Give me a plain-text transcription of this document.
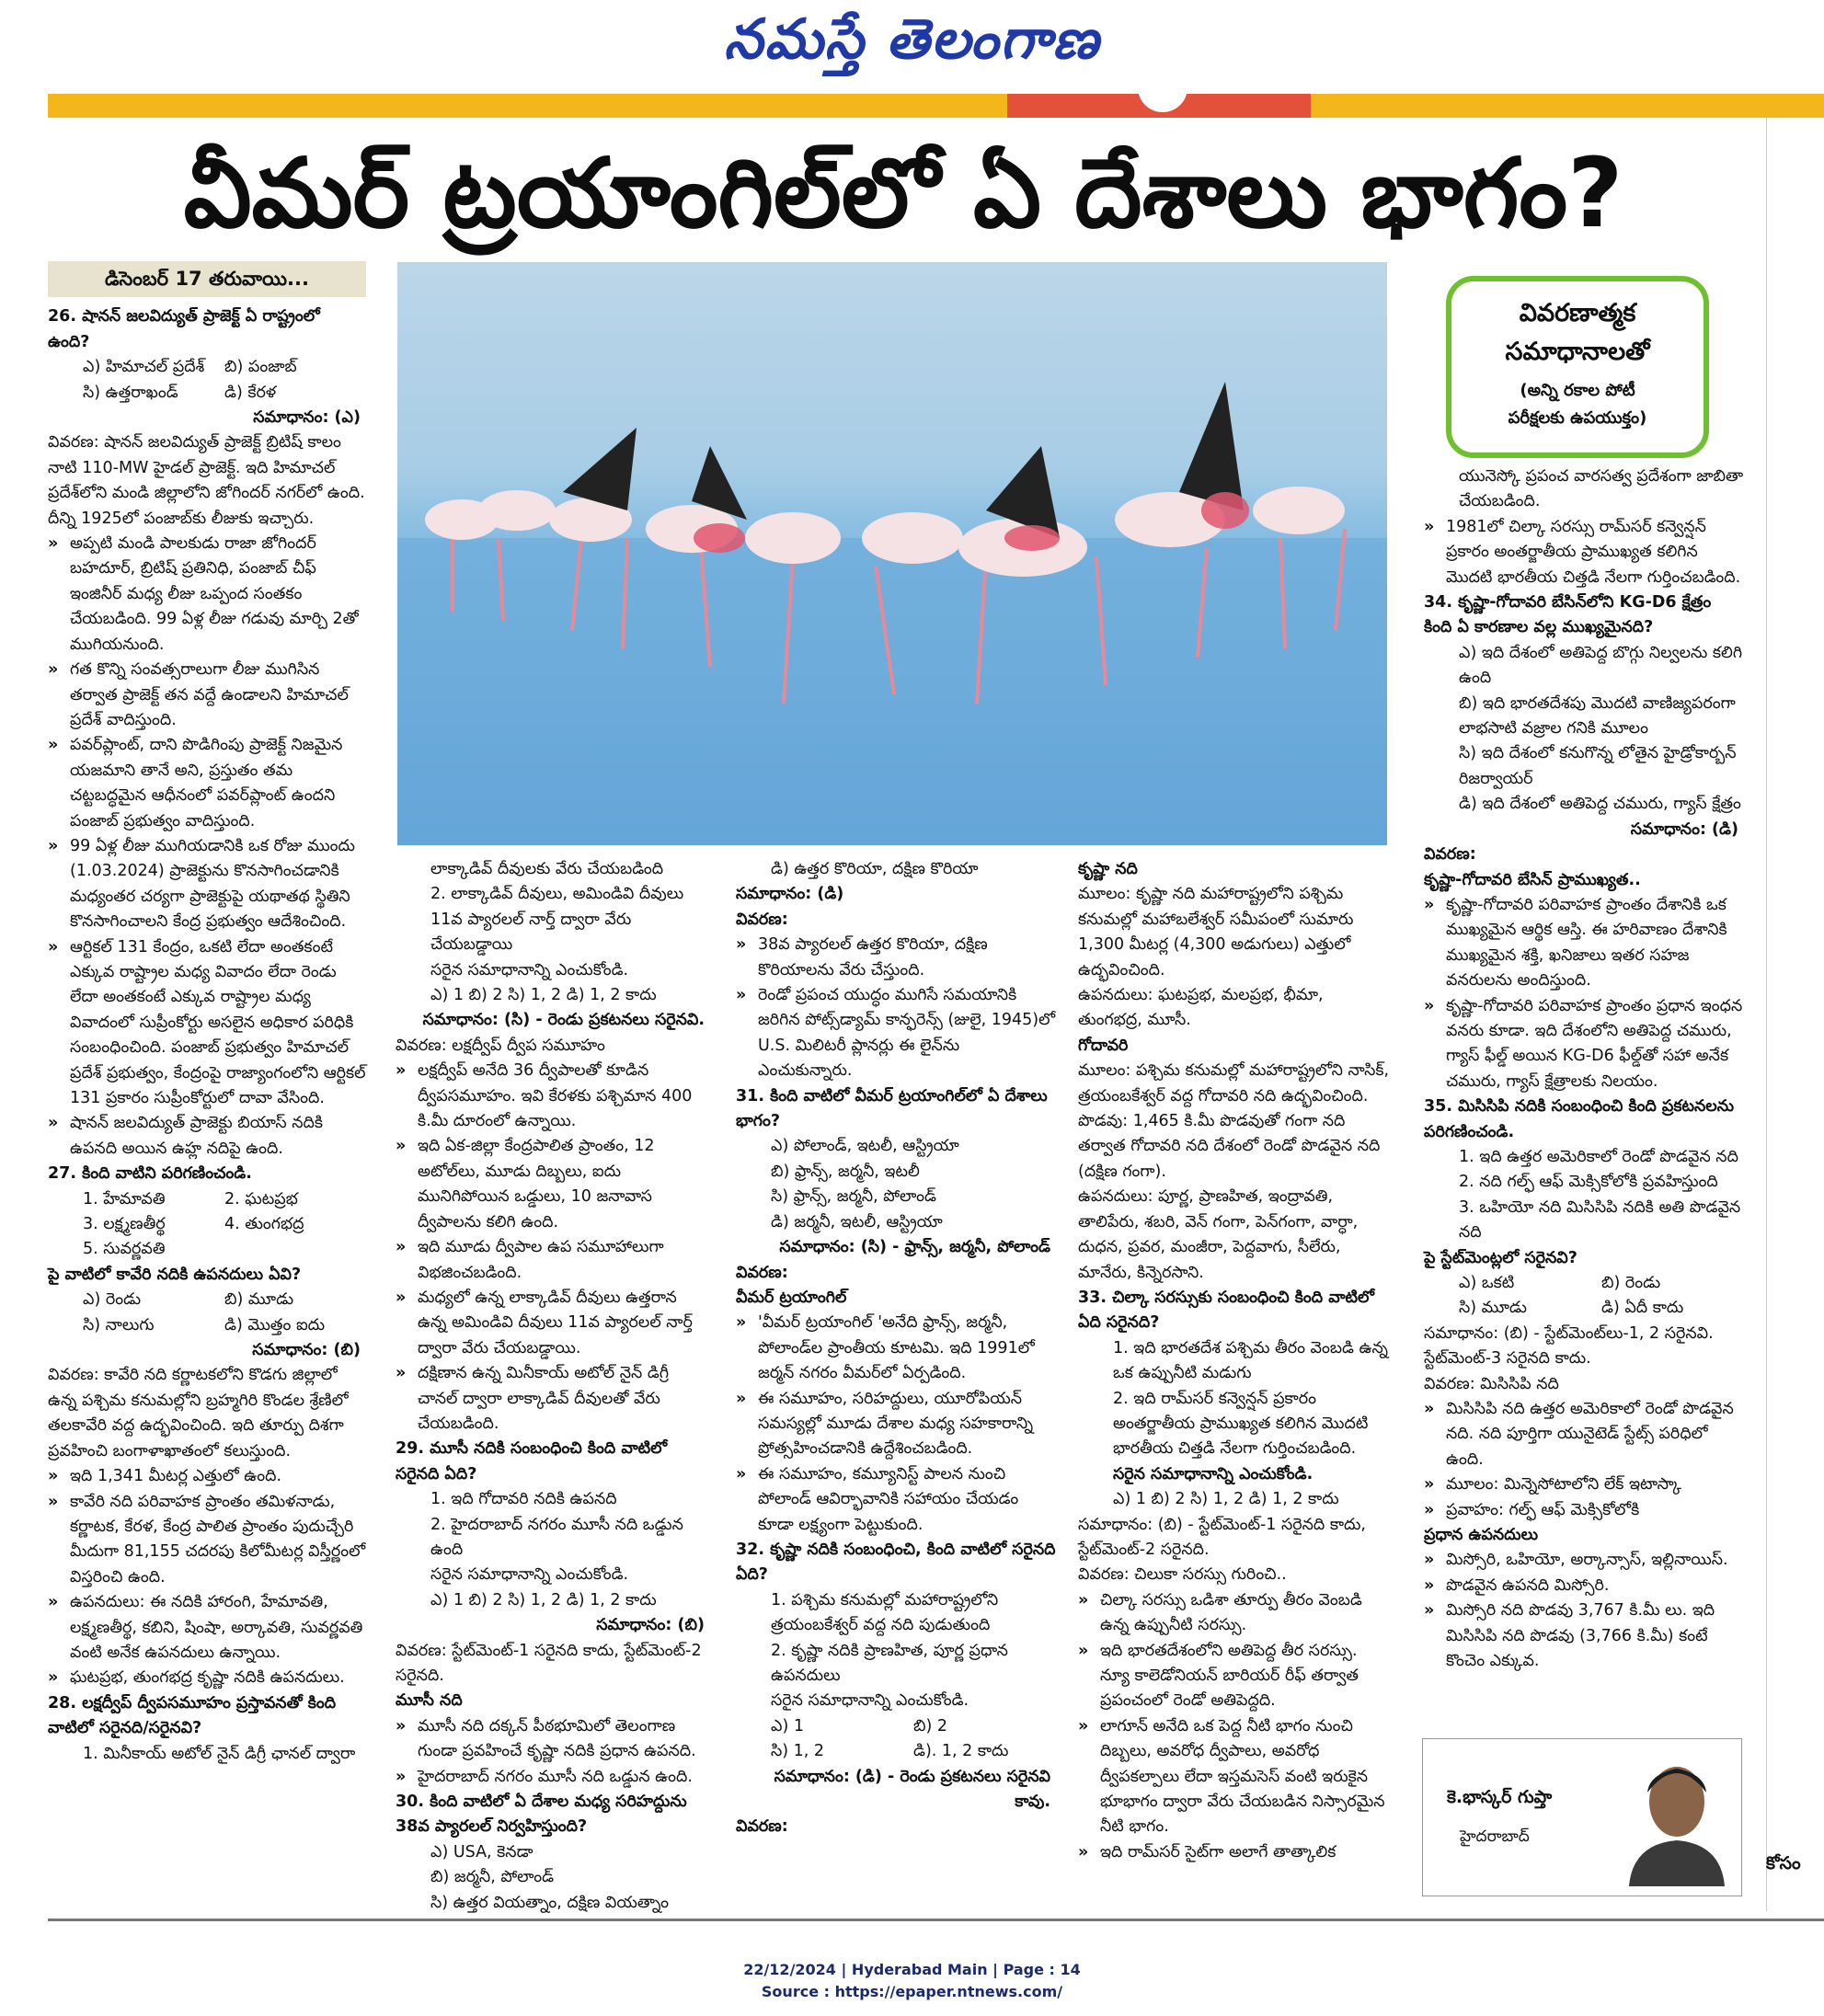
నమస్తే తెలంగాణ
వీమర్ ట్రయాంగిల్‌లో ఏ దేశాలు భాగం?
డిసెంబర్ 17 తరువాయి...

26. షానన్ జలవిద్యుత్ ప్రాజెక్ట్ ఏ రాష్ట్రంలో ఉంది?

ఎ) హిమాచల్ ప్రదేశ్	బి) పంజాబ్
సి) ఉత్తరాఖండ్	డి) కేరళ

సమాధానం: (ఎ)

వివరణ: షానన్ జలవిద్యుత్ ప్రాజెక్ట్ బ్రిటిష్ కాలం నాటి 110-MW హైడల్ ప్రాజెక్ట్. ఇది హిమాచల్ ప్రదేశ్‌లోని మండి జిల్లాలోని జోగిందర్ నగర్‌లో ఉంది. దీన్ని 1925లో పంజాబ్‌కు లీజుకు ఇచ్చారు.

» అప్పటి మండి పాలకుడు రాజా జోగిందర్ బహదూర్, బ్రిటిష్ ప్రతినిధి, పంజాబ్ చీఫ్ ఇంజినీర్ మధ్య లీజు ఒప్పంద సంతకం చేయబడింది. 99 ఏళ్ల లీజు గడువు మార్చి 2తో ముగియనుంది.

» గత కొన్ని సంవత్సరాలుగా లీజు ముగిసిన తర్వాత ప్రాజెక్ట్ తన వద్దే ఉండాలని హిమాచల్ ప్రదేశ్ వాదిస్తుంది.

» పవర్‌ప్లాంట్, దాని పొడిగింపు ప్రాజెక్ట్ నిజమైన యజమాని తానే అని, ప్రస్తుతం తమ చట్టబద్ధమైన ఆధీనంలో పవర్‌ప్లాంట్ ఉందని పంజాబ్ ప్రభుత్వం వాదిస్తుంది.

» 99 ఏళ్ల లీజు ముగియడానికి ఒక రోజు ముందు (1.03.2024) ప్రాజెక్టును కొనసాగించడానికి మధ్యంతర చర్యగా ప్రాజెక్టుపై యథాతథ స్థితిని కొనసాగించాలని కేంద్ర ప్రభుత్వం ఆదేశించింది.

» ఆర్టికల్ 131 కేంద్రం, ఒకటి లేదా అంతకంటే ఎక్కువ రాష్ట్రాల మధ్య వివాదం లేదా రెండు లేదా అంతకంటే ఎక్కువ రాష్ట్రాల మధ్య వివాదంలో సుప్రీంకోర్టు అసలైన అధికార పరిధికి సంబంధించింది. పంజాబ్ ప్రభుత్వం హిమాచల్ ప్రదేశ్ ప్రభుత్వం, కేంద్రంపై రాజ్యాంగంలోని ఆర్టికల్ 131 ప్రకారం సుప్రీంకోర్టులో దావా వేసింది.

» షానన్ జలవిద్యుత్ ప్రాజెక్టు బియాస్ నదికి ఉపనది అయిన ఉహ్ల నదిపై ఉంది.

27. కింది వాటిని పరిగణించండి.

1. హేమావతి	2. ఘటప్రభ
3. లక్ష్మణతీర్థ	4. తుంగభద్ర
5. సువర్ణవతి

పై వాటిలో కావేరి నదికి ఉపనదులు ఏవి?

ఎ) రెండు	బి) మూడు
సి) నాలుగు	డి) మొత్తం ఐదు

సమాధానం: (బి)

వివరణ: కావేరి నది కర్ణాటకలోని కొడగు జిల్లాలో ఉన్న పశ్చిమ కనుమల్లోని బ్రహ్మగిరి కొండల శ్రేణిలో తలకావేరి వద్ద ఉద్భవించింది. ఇది తూర్పు దిశగా ప్రవహించి బంగాళాఖాతంలో కలుస్తుంది.

» ఇది 1,341 మీటర్ల ఎత్తులో ఉంది.

» కావేరి నది పరివాహక ప్రాంతం తమిళనాడు, కర్ణాటక, కేరళ, కేంద్ర పాలిత ప్రాంతం పుదుచ్చేరి మీదుగా 81,155 చదరపు కిలోమీటర్ల విస్తీర్ణంలో విస్తరించి ఉంది.

» ఉపనదులు: ఈ నదికి హారంగి, హేమావతి, లక్ష్మణతీర్థ, కబిని, షింషా, అర్కావతి, సువర్ణవతి వంటి అనేక ఉపనదులు ఉన్నాయి.

» ఘటప్రభ, తుంగభద్ర కృష్ణా నదికి ఉపనదులు.

28. లక్షద్వీప్ ద్వీపసమూహం ప్రస్తావనతో కింది వాటిలో సరైనది/సరైనవి?

1. మినీకాయ్ అటోల్ నైన్ డిగ్రీ ఛానల్ ద్వారా

వివరణాత్మక
సమాధానాలతో
(అన్ని రకాల పోటీ
పరీక్షలకు ఉపయుక్తం)

లాక్కాడివ్ దీవులకు వేరు చేయబడింది

2. లాక్కాడివ్ దీవులు, అమిండివి దీవులు 11వ ప్యారలల్ నార్త్ ద్వారా వేరు చేయబడ్డాయి

సరైన సమాధానాన్ని ఎంచుకోండి.

ఎ) 1 బి) 2 సి) 1, 2 డి) 1, 2 కాదు

సమాధానం: (సి) - రెండు ప్రకటనలు సరైనవి.

వివరణ: లక్షద్వీప్ ద్వీప సమూహం

» లక్షద్వీప్ అనేది 36 ద్వీపాలతో కూడిన ద్వీపసమూహం. ఇవి కేరళకు పశ్చిమాన 400 కి.మీ దూరంలో ఉన్నాయి.

» ఇది ఏక-జిల్లా కేంద్రపాలిత ప్రాంతం, 12 అటోల్‌లు, మూడు దిబ్బలు, ఐదు మునిగిపోయిన ఒడ్డులు, 10 జనావాస ద్వీపాలను కలిగి ఉంది.

» ఇది మూడు ద్వీపాల ఉప సమూహాలుగా విభజించబడింది.

» మధ్యలో ఉన్న లాక్కాడివ్ దీవులు ఉత్తరాన ఉన్న అమిండివి దీవులు 11వ ప్యారలల్ నార్త్ ద్వారా వేరు చేయబడ్డాయి.

» దక్షిణాన ఉన్న మినీకాయ్ అటోల్ నైన్ డిగ్రీ చానల్ ద్వారా లాక్కాడివ్ దీవులతో వేరు చేయబడింది.

29. మూసీ నదికి సంబంధించి కింది వాటిలో సరైనది ఏది?

1. ఇది గోదావరి నదికి ఉపనది

2. హైదరాబాద్ నగరం మూసీ నది ఒడ్డున ఉంది

సరైన సమాధానాన్ని ఎంచుకోండి.

ఎ) 1 బి) 2 సి) 1, 2 డి) 1, 2 కాదు

సమాధానం: (బి)

వివరణ: స్టేట్‌మెంట్-1 సరైనది కాదు, స్టేట్‌మెంట్-2 సరైనది.

మూసీ నది

» మూసీ నది దక్కన్ పీఠభూమిలో తెలంగాణ గుండా ప్రవహించే కృష్ణా నదికి ప్రధాన ఉపనది.

» హైదరాబాద్ నగరం మూసీ నది ఒడ్డున ఉంది.

30. కింది వాటిలో ఏ దేశాల మధ్య సరిహద్దును 38వ ప్యారలల్ నిర్వహిస్తుంది?

ఎ) USA, కెనడా

బి) జర్మనీ, పోలాండ్

సి) ఉత్తర వియత్నాం, దక్షిణ వియత్నాం

డి) ఉత్తర కొరియా, దక్షిణ కొరియా

సమాధానం: (డి)

వివరణ:

» 38వ ప్యారలల్ ఉత్తర కొరియా, దక్షిణ కొరియాలను వేరు చేస్తుంది.

» రెండో ప్రపంచ యుద్ధం ముగిసే సమయానికి జరిగిన పోట్స్‌డ్యామ్ కాన్ఫరెన్స్ (జులై, 1945)లో U.S. మిలిటరీ ప్లానర్లు ఈ లైన్‌ను ఎంచుకున్నారు.

31. కింది వాటిలో వీమర్ ట్రయాంగిల్‌లో ఏ దేశాలు భాగం?

ఎ) పోలాండ్, ఇటలీ, ఆస్ట్రియా

బి) ఫ్రాన్స్, జర్మనీ, ఇటలీ

సి) ఫ్రాన్స్, జర్మనీ, పోలాండ్

డి) జర్మనీ, ఇటలీ, ఆస్ట్రియా

సమాధానం: (సి) - ఫ్రాన్స్, జర్మనీ, పోలాండ్

వివరణ:

వీమర్ ట్రయాంగిల్

» 'వీమర్ ట్రయాంగిల్ 'అనేది ఫ్రాన్స్, జర్మనీ, పోలాండ్‌ల ప్రాంతీయ కూటమి. ఇది 1991లో జర్మన్ నగరం వీమర్‌లో ఏర్పడింది.

» ఈ సమూహం, సరిహద్దులు, యూరోపియన్ సమస్యల్లో మూడు దేశాల మధ్య సహకారాన్ని ప్రోత్సహించడానికి ఉద్దేశించబడింది.

» ఈ సమూహం, కమ్యూనిస్ట్ పాలన నుంచి పోలాండ్ ఆవిర్భావానికి సహాయం చేయడం కూడా లక్ష్యంగా పెట్టుకుంది.

32. కృష్ణా నదికి సంబంధించి, కింది వాటిలో సరైనది ఏది?

1. పశ్చిమ కనుమల్లో మహారాష్ట్రలోని త్రయంబకేశ్వర్ వద్ద నది పుడుతుంది

2. కృష్ణా నదికి ప్రాణహిత, పూర్ణ ప్రధాన ఉపనదులు

సరైన సమాధానాన్ని ఎంచుకోండి.

ఎ) 1	బి) 2
సి) 1, 2	డి). 1, 2 కాదు

సమాధానం: (డి) - రెండు ప్రకటనలు సరైనవి కావు.

వివరణ:

కృష్ణా నది

మూలం: కృష్ణా నది మహారాష్ట్రలోని పశ్చిమ కనుమల్లో మహాబలేశ్వర్ సమీపంలో సుమారు 1,300 మీటర్ల (4,300 అడుగులు) ఎత్తులో ఉద్భవించింది.

ఉపనదులు: ఘటప్రభ, మలప్రభ, భీమా, తుంగభద్ర, మూసీ.

గోదావరి

మూలం: పశ్చిమ కనుమల్లో మహారాష్ట్రలోని నాసిక్, త్రయంబకేశ్వర్ వద్ద గోదావరి నది ఉద్భవించింది.

పొడవు: 1,465 కి.మీ పొడవుతో గంగా నది తర్వాత గోదావరి నది దేశంలో రెండో పొడవైన నది (దక్షిణ గంగా).

ఉపనదులు: పూర్ణ, ప్రాణహిత, ఇంద్రావతి, తాలిపేరు, శబరి, వెన్ గంగా, పెన్‌గంగా, వార్ధా, దుధన, ప్రవర, మంజీరా, పెద్దవాగు, సీలేరు, మానేరు, కిన్నెరసాని.

33. చిల్కా సరస్సుకు సంబంధించి కింది వాటిలో ఏది సరైనది?

1. ఇది భారతదేశ పశ్చిమ తీరం వెంబడి ఉన్న ఒక ఉప్పునీటి మడుగు

2. ఇది రామ్‌సర్ కన్వెన్షన్ ప్రకారం అంతర్జాతీయ ప్రాముఖ్యత కలిగిన మొదటి భారతీయ చిత్తడి నేలగా గుర్తించబడింది.

సరైన సమాధానాన్ని ఎంచుకోండి.

ఎ) 1 బి) 2 సి) 1, 2 డి) 1, 2 కాదు

సమాధానం: (బి) - స్టేట్‌మెంట్-1 సరైనది కాదు, స్టేట్‌మెంట్-2 సరైనది.

వివరణ: చిలుకా సరస్సు గురించి..

» చిల్కా సరస్సు ఒడిశా తూర్పు తీరం వెంబడి ఉన్న ఉప్పునీటి సరస్సు.

» ఇది భారతదేశంలోని అతిపెద్ద తీర సరస్సు. న్యూ కాలెడోనియన్ బారియర్ రీఫ్ తర్వాత ప్రపంచంలో రెండో అతిపెద్దది.

» లాగూన్ అనేది ఒక పెద్ద నీటి భాగం నుంచి దిబ్బలు, అవరోధ ద్వీపాలు, అవరోధ ద్వీపకల్పాలు లేదా ఇస్తమసెస్ వంటి ఇరుకైన భూభాగం ద్వారా వేరు చేయబడిన నిస్సారమైన నీటి భాగం.

» ఇది రామ్‌సర్ సైట్‌గా అలాగే తాత్కాలిక

యునెస్కో ప్రపంచ వారసత్వ ప్రదేశంగా జాబితా చేయబడింది.

» 1981లో చిల్కా సరస్సు రామ్‌సర్ కన్వెన్షన్ ప్రకారం అంతర్జాతీయ ప్రాముఖ్యత కలిగిన మొదటి భారతీయ చిత్తడి నేలగా గుర్తించబడింది.

34. కృష్ణా-గోదావరి బేసిన్‌లోని KG-D6 క్షేత్రం కింది ఏ కారణాల వల్ల ముఖ్యమైనది?

ఎ) ఇది దేశంలో అతిపెద్ద బొగ్గు నిల్వలను కలిగి ఉంది

బి) ఇది భారతదేశపు మొదటి వాణిజ్యపరంగా లాభసాటి వజ్రాల గనికి మూలం

సి) ఇది దేశంలో కనుగొన్న లోతైన హైడ్రోకార్బన్ రిజర్వాయర్

డి) ఇది దేశంలో అతిపెద్ద చమురు, గ్యాస్ క్షేత్రం

సమాధానం: (డి)

వివరణ:

కృష్ణా-గోదావరి బేసిన్ ప్రాముఖ్యత..

» కృష్ణా-గోదావరి పరివాహక ప్రాంతం దేశానికి ఒక ముఖ్యమైన ఆర్థిక ఆస్తి. ఈ హరివాణం దేశానికి ముఖ్యమైన శక్తి, ఖనిజాలు ఇతర సహజ వనరులను అందిస్తుంది.

» కృష్ణా-గోదావరి పరివాహక ప్రాంతం ప్రధాన ఇంధన వనరు కూడా. ఇది దేశంలోని అతిపెద్ద చమురు, గ్యాస్ ఫీల్డ్ అయిన KG-D6 ఫీల్డ్‌తో సహా అనేక చమురు, గ్యాస్ క్షేత్రాలకు నిలయం.

35. మిసిసిపి నదికి సంబంధించి కింది ప్రకటనలను పరిగణించండి.

1. ఇది ఉత్తర అమెరికాలో రెండో పొడవైన నది

2. నది గల్ఫ్ ఆఫ్ మెక్సికోలోకి ప్రవహిస్తుంది

3. ఒహియో నది మిసిసిపి నదికి అతి పొడవైన నది

పై స్టేట్‌మెంట్లలో సరైనవి?

ఎ) ఒకటి	బి) రెండు
సి) మూడు	డి) ఏదీ కాదు

సమాధానం: (బి) - స్టేట్‌మెంట్‌లు-1, 2 సరైనవి. స్టేట్‌మెంట్-3 సరైనది కాదు.

వివరణ: మిసిసిపి నది

» మిసిసిపి నది ఉత్తర అమెరికాలో రెండో పొడవైన నది. నది పూర్తిగా యునైటెడ్ స్టేట్స్ పరిధిలో ఉంది.

» మూలం: మిన్నెసోటాలోని లేక్ ఇటాస్కా

» ప్రవాహం: గల్ఫ్ ఆఫ్ మెక్సికోలోకి

ప్రధాన ఉపనదులు

» మిస్సోరి, ఒహియో, అర్కాన్సాస్, ఇల్లినాయిస్.

» పొడవైన ఉపనది మిస్సోరి.

» మిస్సోరి నది పొడవు 3,767 కి.మీ లు. ఇది మిసిసిపి నది పొడవు (3,766 కి.మీ) కంటే కొంచెం ఎక్కువ.

కె.భాస్కర్ గుప్తా
హైదరాబాద్
కోసం
22/12/2024 | Hyderabad Main | Page : 14
Source : https://epaper.ntnews.com/
